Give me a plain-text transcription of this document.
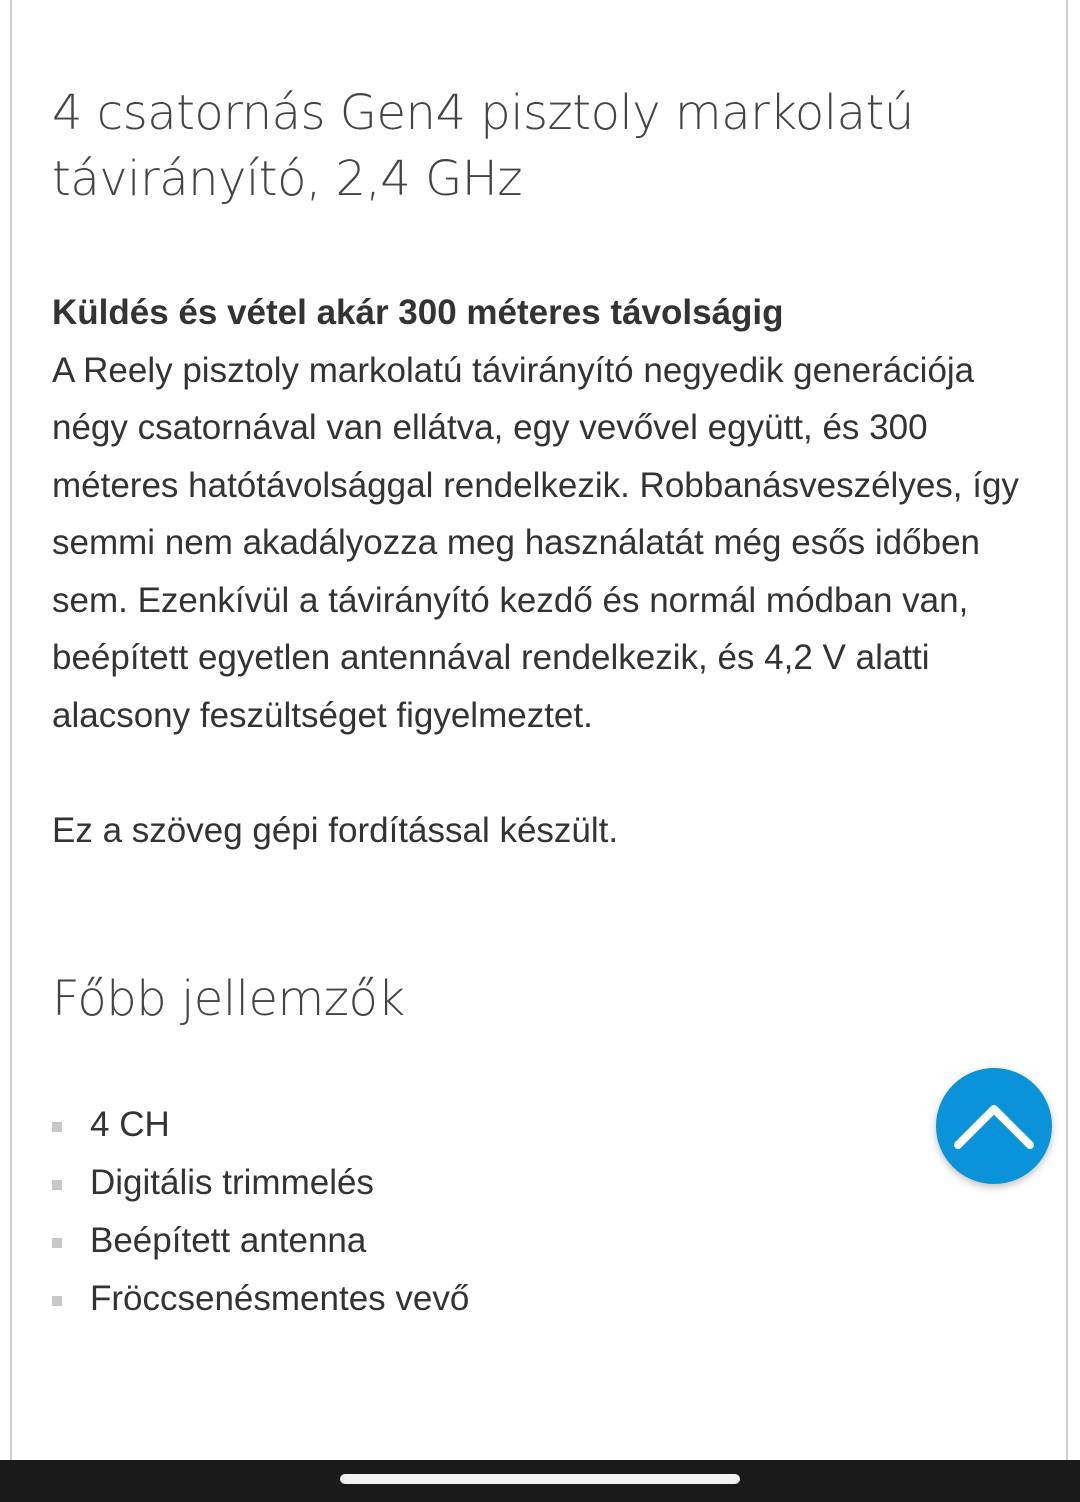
4 csatornás Gen4 pisztoly markolatú
távirányító, 2,4 GHz
Küldés és vétel akár 300 méteres távolságig
A Reely pisztoly markolatú távirányító negyedik generációja négy csatornával van ellátva, egy vevővel együtt, és 300 méteres hatótávolsággal rendelkezik. Robbanásveszélyes, így semmi nem akadályozza meg használatát még esős időben sem. Ezenkívül a távirányító kezdő és normál módban van, beépített egyetlen antennával rendelkezik, és 4,2 V alatti alacsony feszültséget figyelmeztet.
Ez a szöveg gépi fordítással készült.
Főbb jellemzők
4 CH
Digitális trimmelés
Beépített antenna
Fröccsenésmentes vevő
